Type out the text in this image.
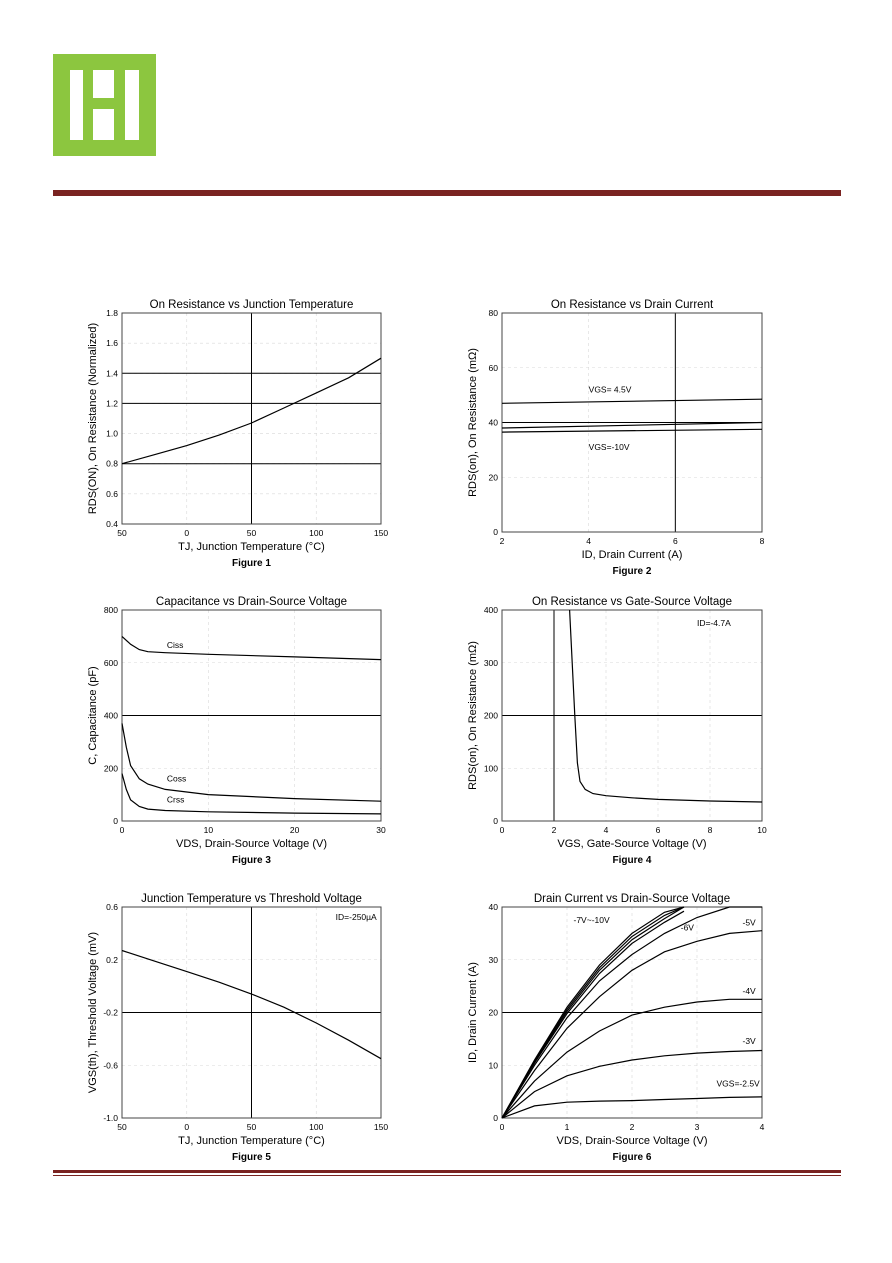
50	0	50	100	150
0.4
0.6
0.8
1.0
1.2
1.4
1.6
1.8
On Resistance vs Junction Temperature
TJ, Junction Temperature (°C)
RDS(ON), On Resistance (Normalized)
Figure 1
2	4	6	8
0
20
40
60
80
VGS= 4.5V
VGS=-10V
On Resistance vs Drain Current
ID, Drain Current (A)
RDS(on), On Resistance (mΩ)
Figure 2
0	10	20	30
0
200
400
600
800
Ciss
Coss
Crss
Capacitance vs Drain-Source Voltage
VDS, Drain-Source Voltage (V)
C, Capacitance (pF)
Figure 3
0	2	4	6	8	10
0
100
200
300
400
ID=-4.7A
On Resistance vs Gate-Source Voltage
VGS, Gate-Source Voltage (V)
RDS(on), On Resistance (mΩ)
Figure 4
50	0	50	100	150
-1.0
-0.6
-0.2
0.2
0.6
ID=-250µA
Junction Temperature vs Threshold Voltage
TJ, Junction Temperature (°C)
VGS(th), Threshold Voltage (mV)
Figure 5
0	1	2	3	4
0
10
20
30
40
-7V~-10V
-6V
-5V
-4V
-3V
VGS=-2.5V
Drain Current vs Drain-Source Voltage
VDS, Drain-Source Voltage (V)
ID, Drain Current (A)
Figure 6
